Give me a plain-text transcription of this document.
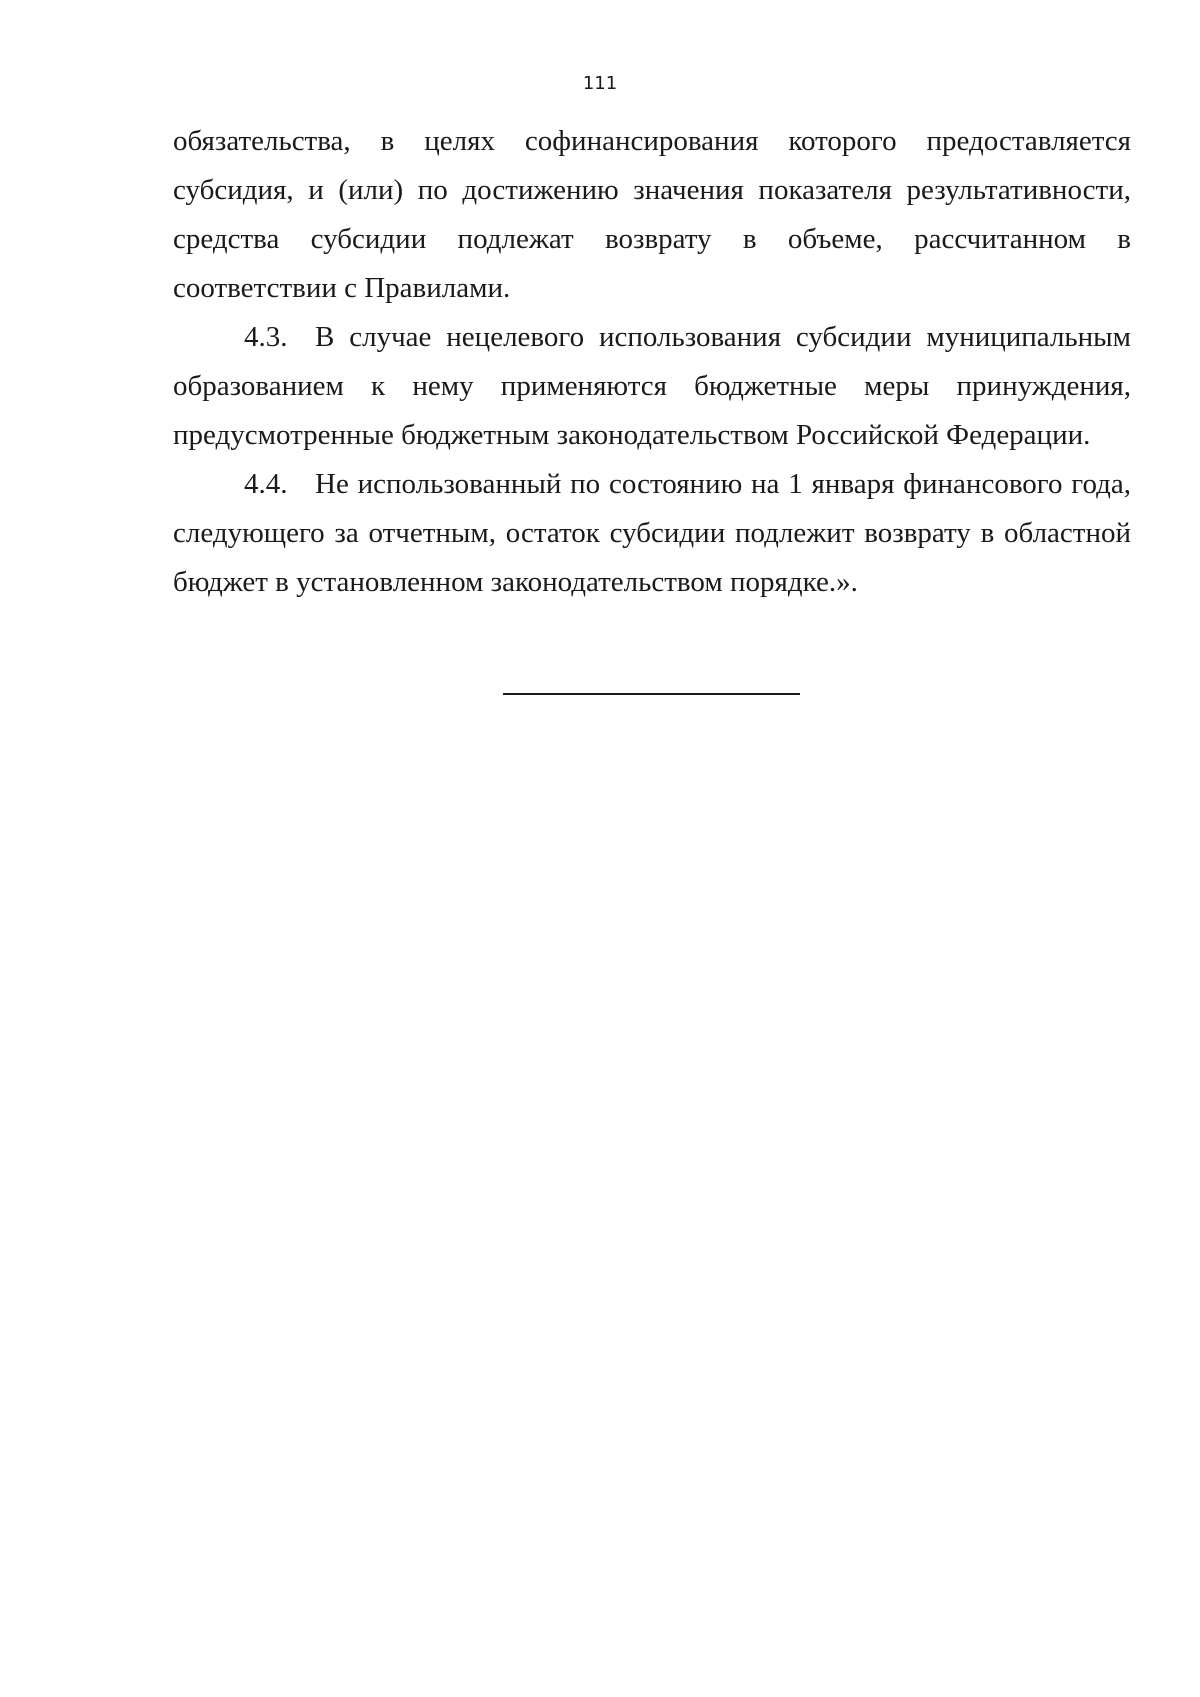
111

обязательства, в целях софинансирования которого предоставляется субсидия, и (или) по достижению значения показателя результативности, средства субсидии подлежат возврату в объеме, рассчитанном в соответствии с Правилами.

4.3. В случае нецелевого использования субсидии муниципальным образованием к нему применяются бюджетные меры принуждения, предусмотренные бюджетным законодательством Российской Федерации.

4.4. Не использованный по состоянию на 1 января финансового года, следующего за отчетным, остаток субсидии подлежит возврату в областной бюджет в установленном законодательством порядке.».
